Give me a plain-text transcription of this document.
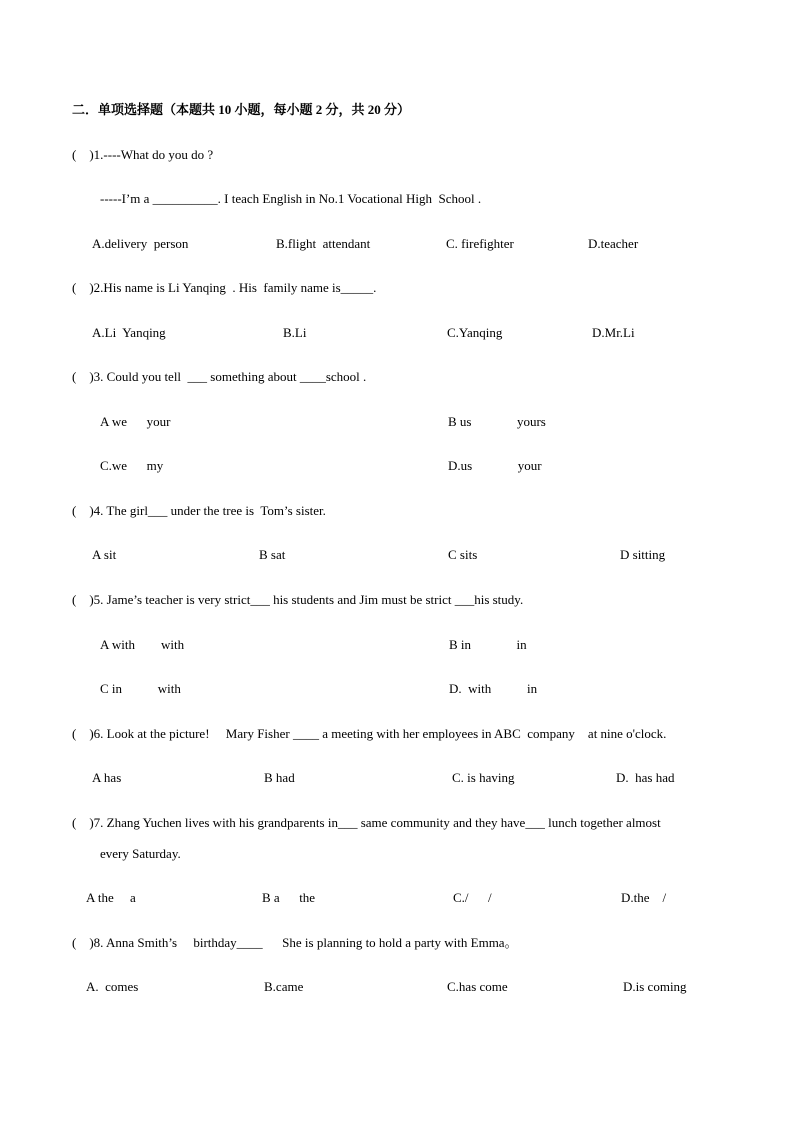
二．单项选择题（本题共 10 小题，每小题 2 分，共 20 分）
(　)1.----What do you do ?
-----I’m a __________. I teach English in No.1 Vocational High  School .
A.delivery  person	B.flight  attendant	C. firefighter	D.teacher
(　)2.His name is Li Yanqing  . His  family name is_____.
A.Li  Yanqing	B.Li	C.Yanqing	D.Mr.Li
(　)3. Could you tell  ___ something about ____school .
A we      your	B us              yours
C.we      my	D.us              your
(　)4. The girl___ under the tree is  Tom’s sister.
A sit	B sat	C sits	D sitting
(　)5. Jame’s teacher is very strict___ his students and Jim must be strict ___his study.
A with        with	B in              in
C in           with	D.  with           in
(　)6. Look at the picture!     Mary Fisher ____ a meeting with her employees in ABC  company    at nine o'clock.
A has	B had	C. is having	D.  has had
(　)7. Zhang Yuchen lives with his grandparents in___ same community and they have___ lunch together almost
every Saturday.
A the     a	B a      the	C./      /	D.the    /
(　)8. Anna Smith’s     birthday____      She is planning to hold a party with Emma。
A.  comes	B.came	C.has come	D.is coming
